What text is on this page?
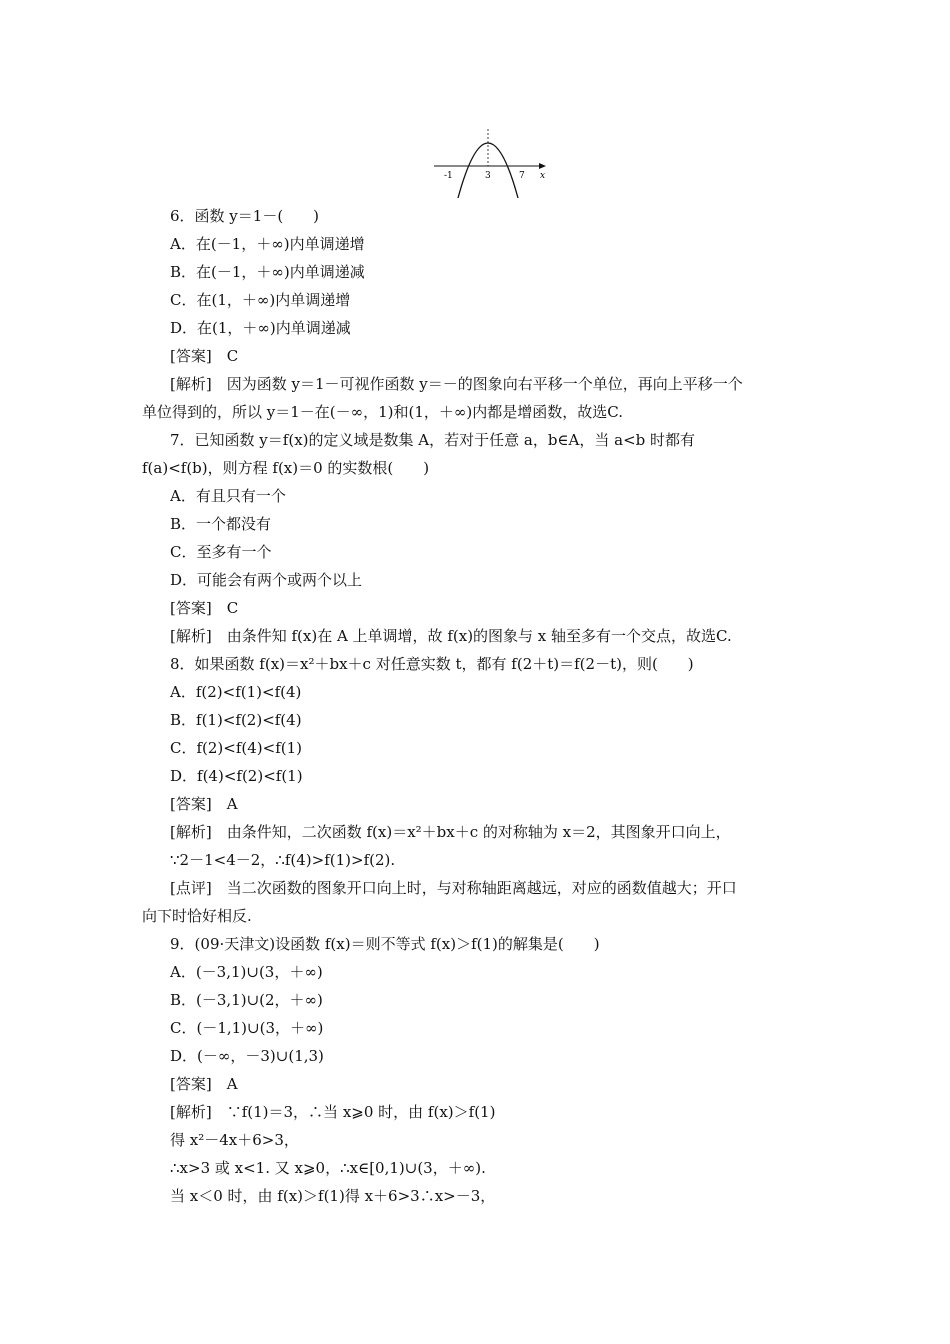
-1	3	7 x
6．函数 y＝1－(　　)
A．在(－1，＋∞)内单调递增
B．在(－1，＋∞)内单调递减
C．在(1，＋∞)内单调递增
D．在(1，＋∞)内单调递减
[答案]　C
[解析]　因为函数 y＝1－可视作函数 y＝－的图象向右平移一个单位，再向上平移一个
单位得到的，所以 y＝1－在(－∞，1)和(1，＋∞)内都是增函数，故选C.
7．已知函数 y＝f(x)的定义域是数集 A，若对于任意 a，b∈A，当 a<b 时都有
f(a)<f(b)，则方程 f(x)＝0 的实数根(　　)
A．有且只有一个
B．一个都没有
C．至多有一个
D．可能会有两个或两个以上
[答案]　C
[解析]　由条件知 f(x)在 A 上单调增，故 f(x)的图象与 x 轴至多有一个交点，故选C.
8．如果函数 f(x)＝x²＋bx＋c 对任意实数 t，都有 f(2＋t)＝f(2－t)，则(　　)
A．f(2)<f(1)<f(4)
B．f(1)<f(2)<f(4)
C．f(2)<f(4)<f(1)
D．f(4)<f(2)<f(1)
[答案]　A
[解析]　由条件知，二次函数 f(x)＝x²＋bx＋c 的对称轴为 x＝2，其图象开口向上，
∵2－1<4－2，∴f(4)>f(1)>f(2).
[点评]　当二次函数的图象开口向上时，与对称轴距离越远，对应的函数值越大；开口
向下时恰好相反.
9．(09·天津文)设函数 f(x)＝则不等式 f(x)＞f(1)的解集是(　　)
A．(－3,1)∪(3，＋∞)
B．(－3,1)∪(2，＋∞)
C．(－1,1)∪(3，＋∞)
D．(－∞，－3)∪(1,3)
[答案]　A
[解析]　∵f(1)＝3，∴当 x⩾0 时，由 f(x)＞f(1)
得 x²－4x＋6>3，
∴x>3 或 x<1. 又 x⩾0，∴x∈[0,1)∪(3，＋∞).
当 x＜0 时，由 f(x)＞f(1)得 x＋6>3∴x>－3，
